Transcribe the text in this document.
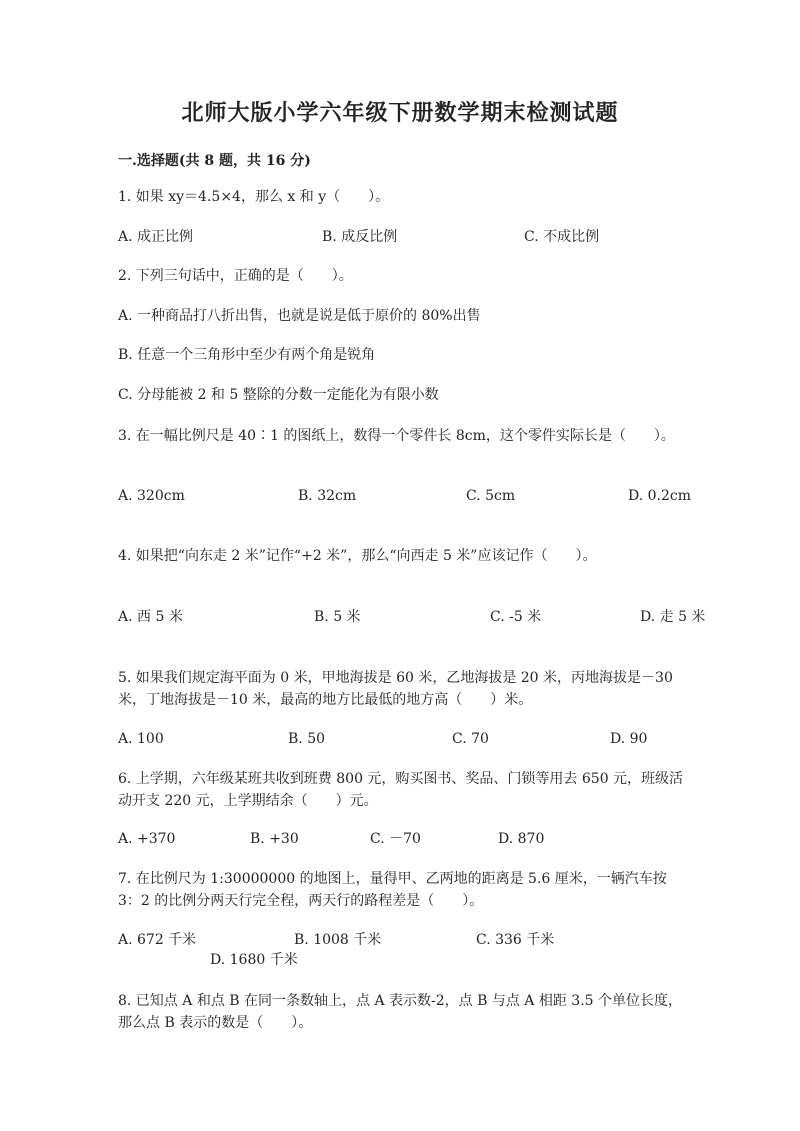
北师大版小学六年级下册数学期末检测试题
一.选择题(共 8 题，共 16 分)
1. 如果 xy＝4.5×4，那么 x 和 y（　　）。
A. 成正比例	B. 成反比例	C. 不成比例
2. 下列三句话中，正确的是（　　）。
A. 一种商品打八折出售，也就是说是低于原价的 80%出售
B. 任意一个三角形中至少有两个角是锐角
C. 分母能被 2 和 5 整除的分数一定能化为有限小数
3. 在一幅比例尺是 40∶1 的图纸上，数得一个零件长 8cm，这个零件实际长是（　　）。
A. 320cm	B. 32cm	C. 5cm	D. 0.2cm
4. 如果把“向东走 2 米”记作“+2 米”，那么“向西走 5 米”应该记作（　　）。
A. 西 5 米	B. 5 米	C. -5 米	D. 走 5 米
5. 如果我们规定海平面为 0 米，甲地海拔是 60 米，乙地海拔是 20 米，丙地海拔是－30 米，丁地海拔是－10 米，最高的地方比最低的地方高（　　）米。
A. 100	B. 50	C. 70	D. 90
6. 上学期，六年级某班共收到班费 800 元，购买图书、奖品、门锁等用去 650 元，班级活动开支 220 元，上学期结余（　　）元。
A. +370	B. +30	C. －70	D. 870
7. 在比例尺为 1:30000000 的地图上，量得甲、乙两地的距离是 5.6 厘米，一辆汽车按 3：2 的比例分两天行完全程，两天行的路程差是（　　）。
A. 672 千米	B. 1008 千米	C. 336 千米
D. 1680 千米
8. 已知点 A 和点 B 在同一条数轴上，点 A 表示数-2，点 B 与点 A 相距 3.5 个单位长度，那么点 B 表示的数是（　　）。
